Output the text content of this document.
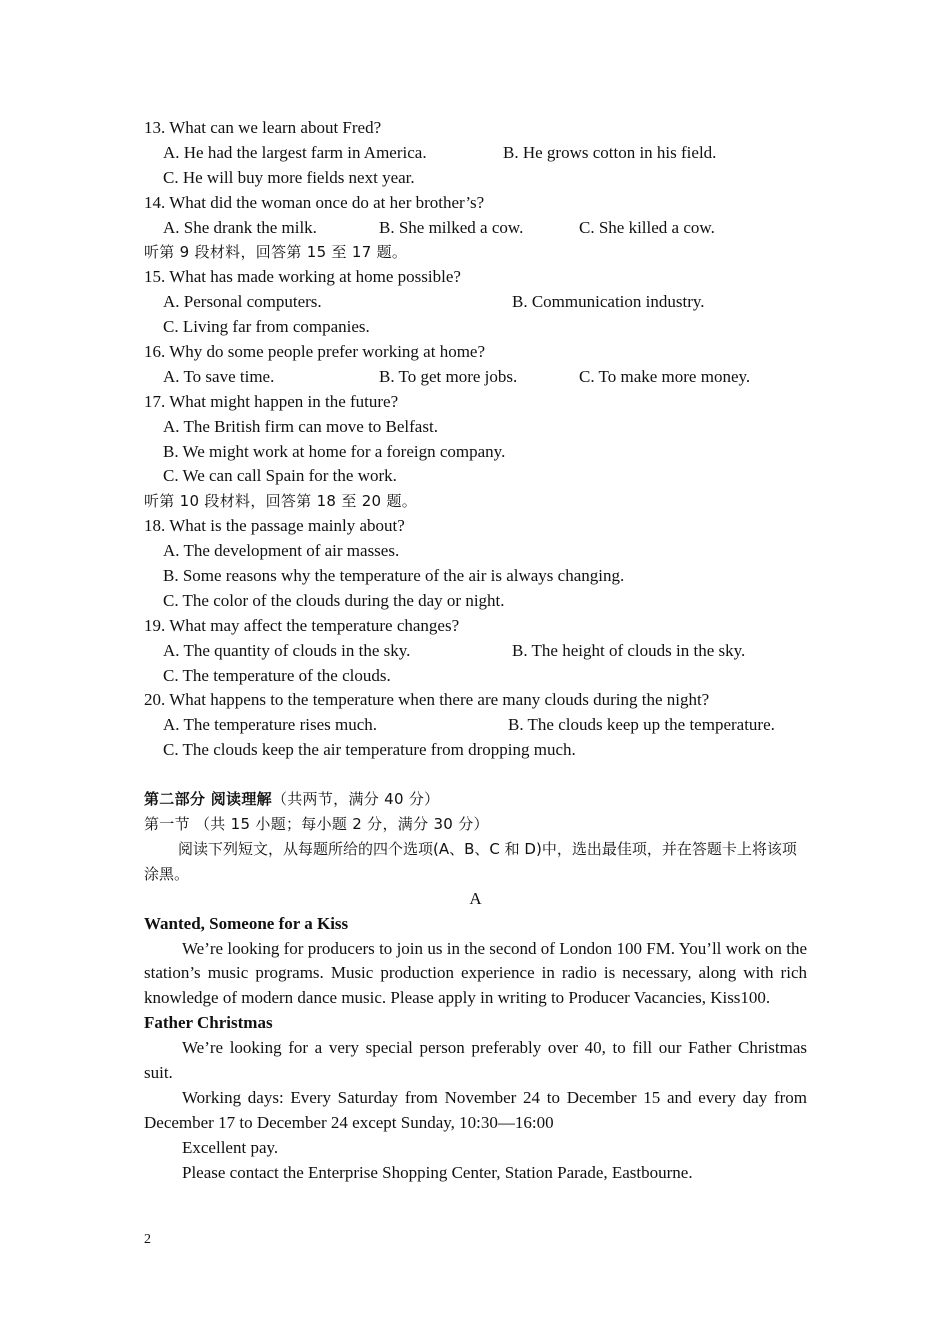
13. What can we learn about Fred?
A. He had the largest farm in America.	B. He grows cotton in his field.
C. He will buy more fields next year.
14. What did the woman once do at her brother’s?
A. She drank the milk.	B. She milked a cow.	C. She killed a cow.
听第 9 段材料，回答第 15 至 17 题。
15. What has made working at home possible?
A. Personal computers.	B. Communication industry.
C. Living far from companies.
16. Why do some people prefer working at home?
A. To save time.	B. To get more jobs.	C. To make more money.
17. What might happen in the future?
A. The British firm can move to Belfast.
B. We might work at home for a foreign company.
C. We can call Spain for the work.
听第 10 段材料，回答第 18 至 20 题。
18. What is the passage mainly about?
A. The development of air masses.
B. Some reasons why the temperature of the air is always changing.
C. The color of the clouds during the day or night.
19. What may affect the temperature changes?
A. The quantity of clouds in the sky.	B. The height of clouds in the sky.
C. The temperature of the clouds.
20. What happens to the temperature when there are many clouds during the night?
A. The temperature rises much.	B. The clouds keep up the temperature.
C. The clouds keep the air temperature from dropping much.
第二部分 阅读理解（共两节，满分 40 分）
第一节 （共 15 小题；每小题 2 分，满分 30 分）
阅读下列短文，从每题所给的四个选项(A、B、C 和 D)中，选出最佳项，并在答题卡上将该项涂黑。
A
Wanted, Someone for a Kiss
We’re looking for producers to join us in the second of London 100 FM. You’ll work on the station’s music programs. Music production experience in radio is necessary, along with rich knowledge of modern dance music. Please apply in writing to Producer Vacancies, Kiss100.
Father Christmas
We’re looking for a very special person preferably over 40, to fill our Father Christmas suit.
Working days: Every Saturday from November 24 to December 15 and every day from December 17 to December 24 except Sunday, 10:30—16:00
Excellent pay.
Please contact the Enterprise Shopping Center, Station Parade, Eastbourne.
2
